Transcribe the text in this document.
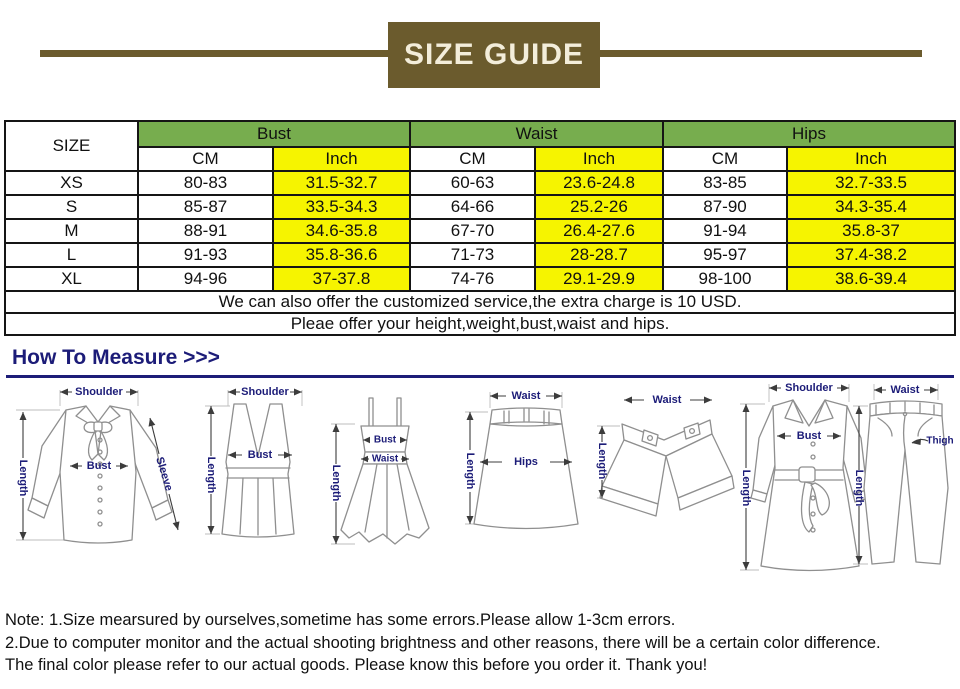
SIZE GUIDE
SIZE	Bust		Waist		Hips	
	CM	Inch	CM	Inch	CM	Inch
XS	80-83	31.5-32.7	60-63	23.6-24.8	83-85	32.7-33.5
S	85-87	33.5-34.3	64-66	25.2-26	87-90	34.3-35.4
M	88-91	34.6-35.8	67-70	26.4-27.6	91-94	35.8-37
L	91-93	35.8-36.6	71-73	28-28.7	95-97	37.4-38.2
XL	94-96	37-37.8	74-76	29.1-29.9	98-100	38.6-39.4
We can also offer the customized service,the extra charge is 10 USD.						
Pleae offer your height,weight,bust,waist and hips.						
How To Measure >>>
Shoulder
Length	Bust	Sleeve
Shoulder
Length
Bust
Length
Bust
Waist
Waist
Length	Hips
Waist
Length
Shoulder
Length
Bust
Waist
Length
Thigh
Note: 1.Size mearsured by ourselves,sometime has some errors.Please allow 1-3cm errors.
2.Due to computer monitor and the actual shooting brightness and other reasons, there will be a certain color difference.
The final color please refer to our actual goods. Please know this before you order it. Thank you!
